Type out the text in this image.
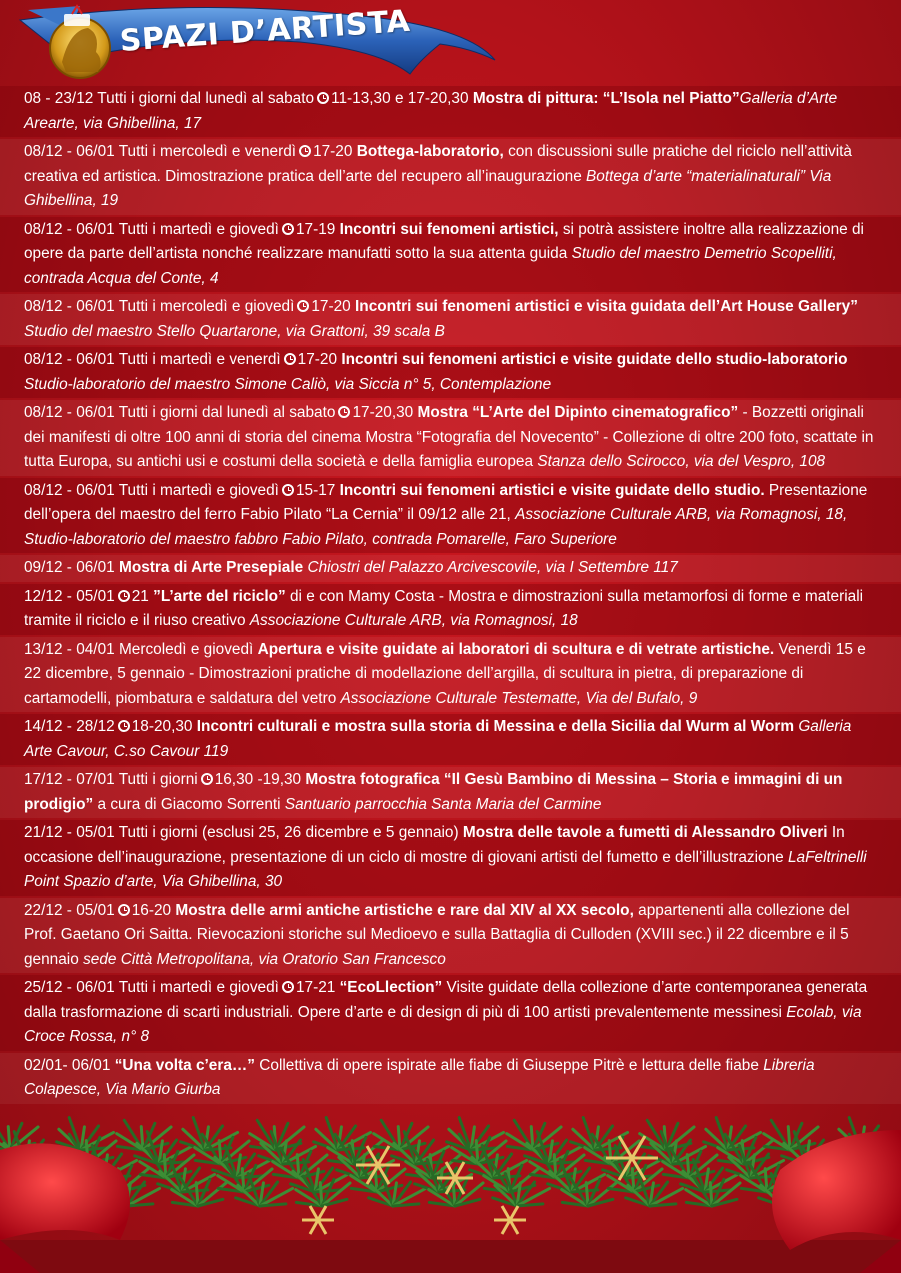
SPAZI D’ARTISTA
08 - 23/12 Tutti i giorni dal lunedì al sabato 11-13,30 e 17-20,30 Mostra di pittura: “L’Isola nel Piatto”Galleria d’Arte Arearte, via Ghibellina, 17
08/12 - 06/01 Tutti i mercoledì e venerdì 17-20 Bottega-laboratorio, con discussioni sulle pratiche del riciclo nell’attività creativa ed artistica. Dimostrazione pratica dell’arte del recupero all’inaugurazione Bottega d’arte “materialinaturali” Via Ghibellina, 19
08/12 - 06/01 Tutti i martedì e giovedì 17-19 Incontri sui fenomeni artistici, si potrà assistere inoltre alla realizzazione di opere da parte dell’artista nonché realizzare manufatti sotto la sua attenta guida Studio del maestro Demetrio Scopelliti, contrada Acqua del Conte, 4
08/12 - 06/01 Tutti i mercoledì e giovedì 17-20 Incontri sui fenomeni artistici e visita guidata dell’Art House Gallery” Studio del maestro Stello Quartarone, via Grattoni, 39 scala B
08/12 - 06/01 Tutti i martedì e venerdì 17-20 Incontri sui fenomeni artistici e visite guidate dello studio-laboratorio Studio-laboratorio del maestro Simone Caliò, via Siccia n° 5, Contemplazione
08/12 - 06/01 Tutti i giorni dal lunedì al sabato 17-20,30 Mostra “L’Arte del Dipinto cinematografico” - Bozzetti originali dei manifesti di oltre 100 anni di storia del cinema Mostra “Fotografia del Novecento” - Collezione di oltre 200 foto, scattate in tutta Europa, su antichi usi e costumi della società e della famiglia europea Stanza dello Scirocco, via del Vespro, 108
08/12 - 06/01 Tutti i martedì e giovedì 15-17 Incontri sui fenomeni artistici e visite guidate dello studio. Presentazione dell’opera del maestro del ferro Fabio Pilato “La Cernia” il 09/12 alle 21, Associazione Culturale ARB, via Romagnosi, 18, Studio-laboratorio del maestro fabbro Fabio Pilato, contrada Pomarelle, Faro Superiore
09/12 - 06/01 Mostra di Arte Presepiale Chiostri del Palazzo Arcivescovile, via I Settembre 117
12/12 - 05/01 21 ”L’arte del riciclo” di e con Mamy Costa - Mostra e dimostrazioni sulla metamorfosi di forme e materiali tramite il riciclo e il riuso creativo Associazione Culturale ARB, via Romagnosi, 18
13/12 - 04/01 Mercoledì e giovedì Apertura e visite guidate ai laboratori di scultura e di vetrate artistiche. Venerdì 15 e 22 dicembre, 5 gennaio - Dimostrazioni pratiche di modellazione dell’argilla, di scultura in pietra, di preparazione di cartamodelli, piombatura e saldatura del vetro Associazione Culturale Testematte, Via del Bufalo, 9
14/12 - 28/12 18-20,30 Incontri culturali e mostra sulla storia di Messina e della Sicilia dal Wurm al Worm Galleria Arte Cavour, C.so Cavour 119
17/12 - 07/01 Tutti i giorni 16,30 -19,30 Mostra fotografica “Il Gesù Bambino di Messina – Storia e immagini di un prodigio” a cura di Giacomo Sorrenti Santuario parrocchia Santa Maria del Carmine
21/12 - 05/01 Tutti i giorni (esclusi 25, 26 dicembre e 5 gennaio) Mostra delle tavole a fumetti di Alessandro Oliveri In occasione dell’inaugurazione, presentazione di un ciclo di mostre di giovani artisti del fumetto e dell’illustrazione LaFeltrinelli Point Spazio d’arte, Via Ghibellina, 30
22/12 - 05/01 16-20 Mostra delle armi antiche artistiche e rare dal XIV al XX secolo, appartenenti alla collezione del Prof. Gaetano Ori Saitta. Rievocazioni storiche sul Medioevo e sulla Battaglia di Culloden (XVIII sec.) il 22 dicembre e il 5 gennaio sede Città Metropolitana, via Oratorio San Francesco
25/12 - 06/01 Tutti i martedì e giovedì 17-21 “EcoLlection” Visite guidate della collezione d’arte contemporanea generata dalla trasformazione di scarti industriali. Opere d’arte e di design di più di 100 artisti prevalentemente messinesi Ecolab, via Croce Rossa, n° 8
02/01- 06/01 “Una volta c’era…” Collettiva di opere ispirate alle fiabe di Giuseppe Pitrè e lettura delle fiabe Libreria Colapesce, Via Mario Giurba
